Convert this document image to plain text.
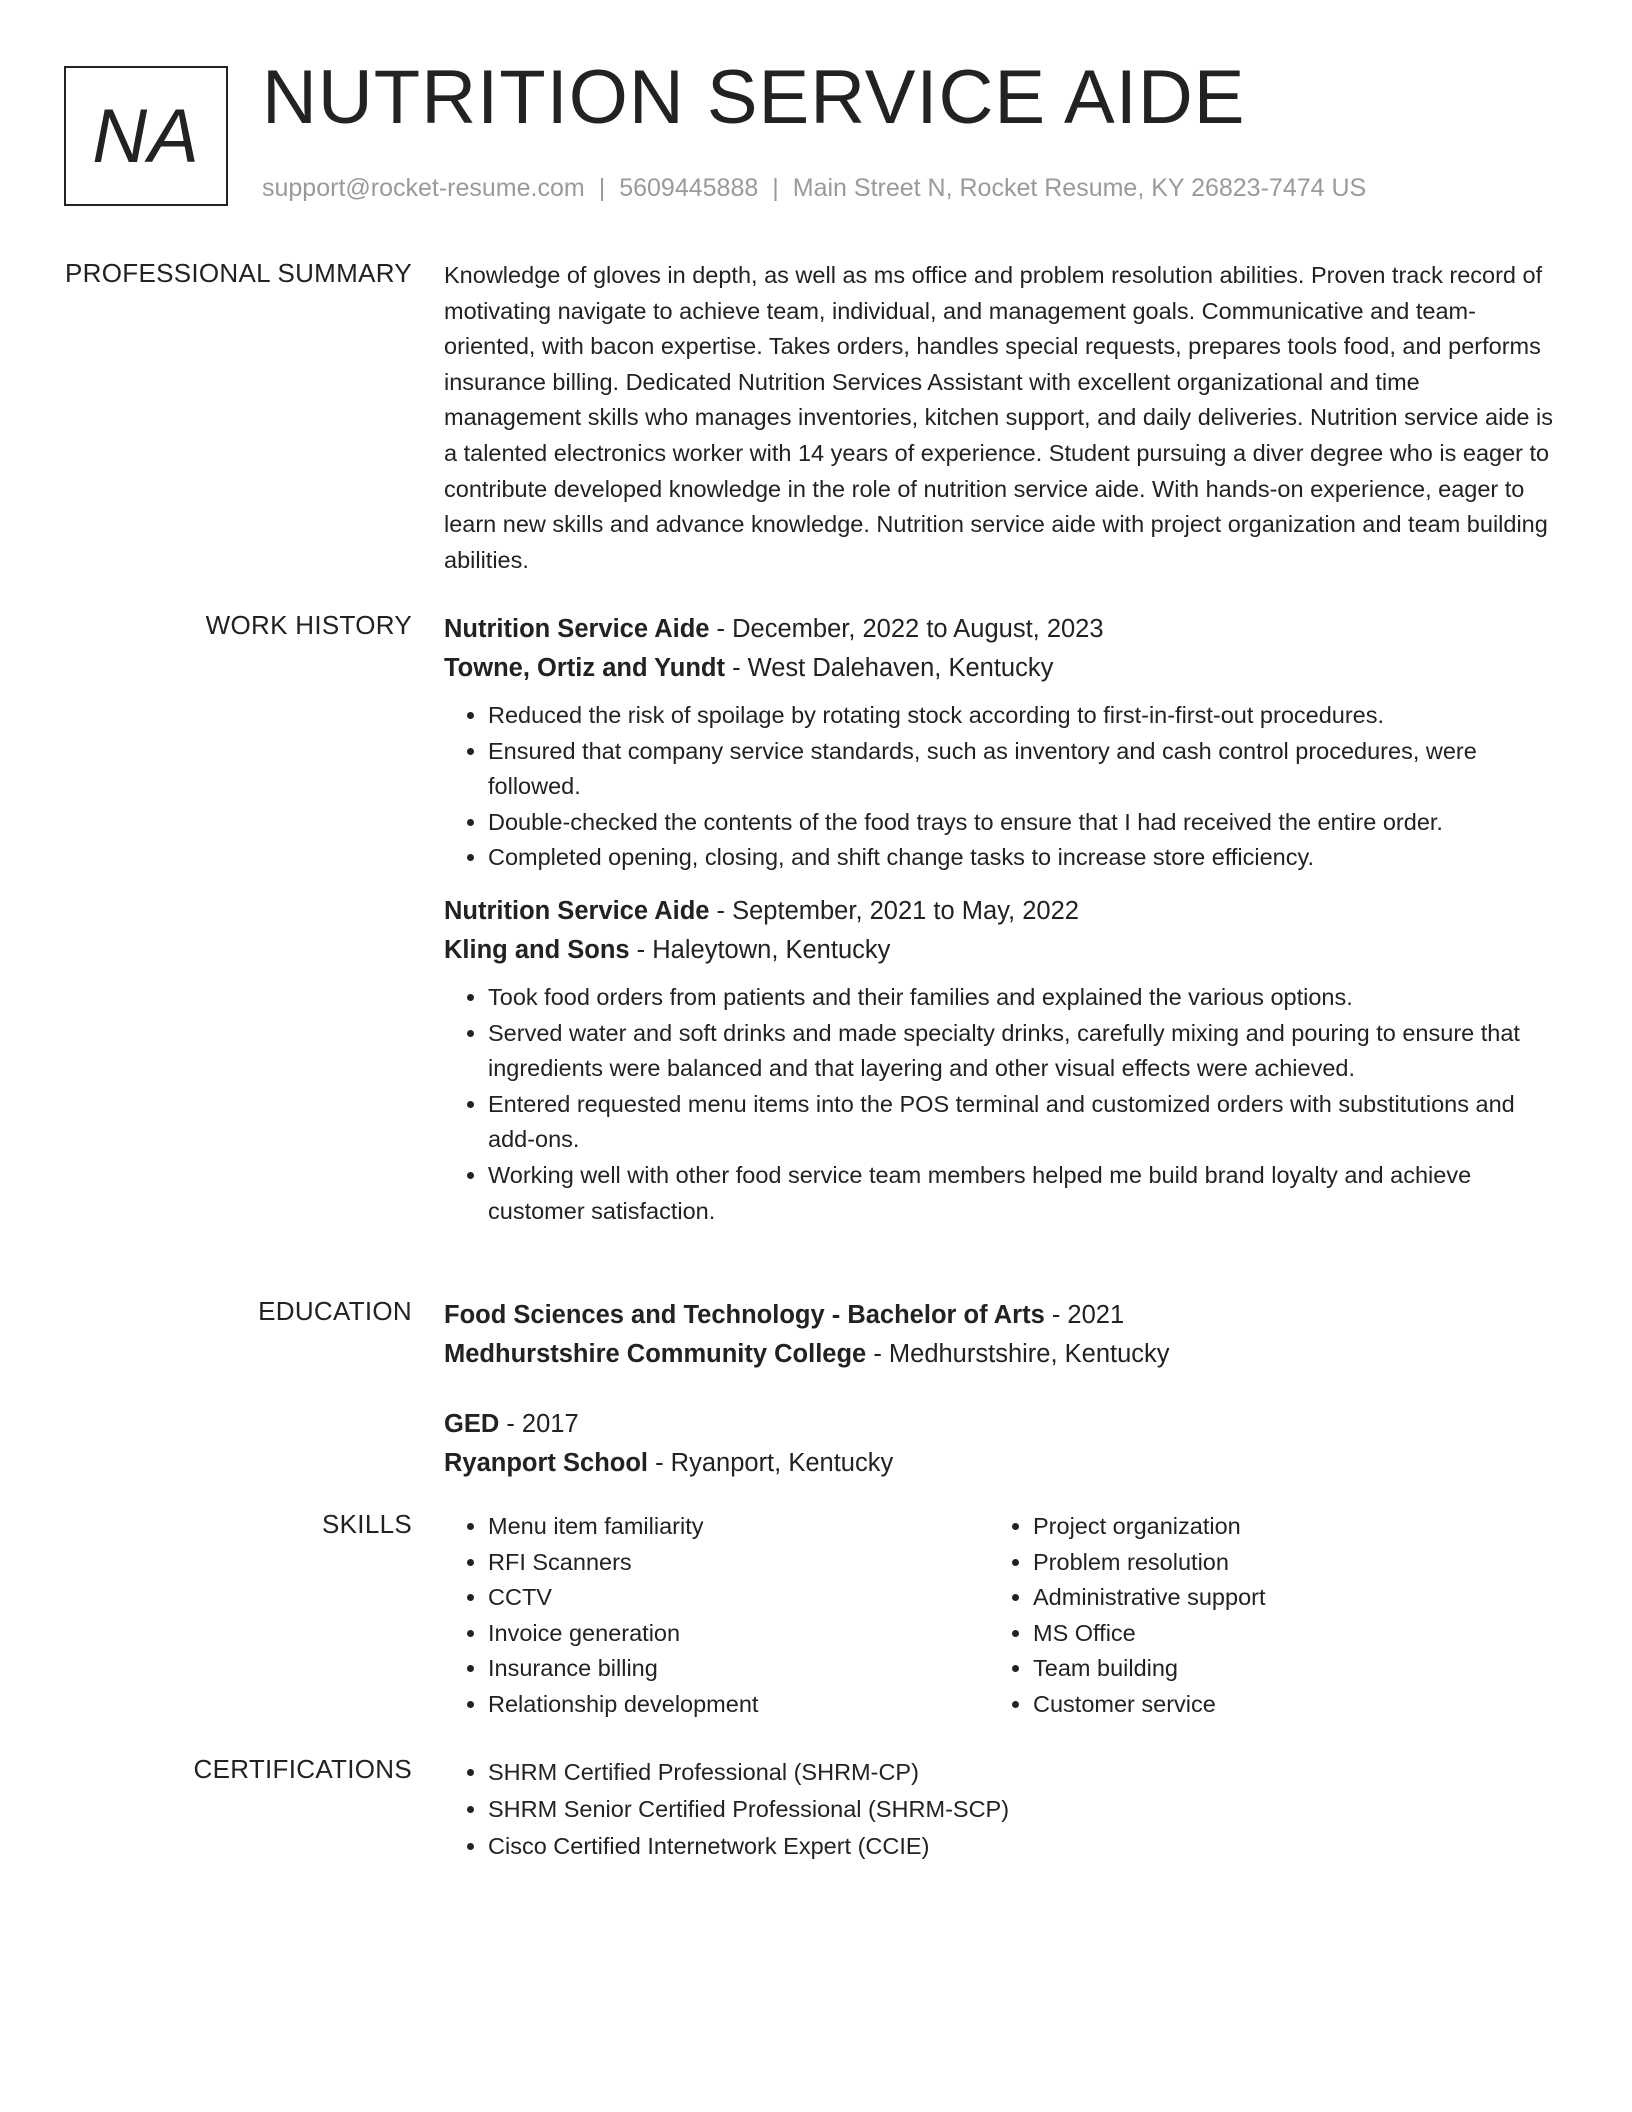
NA NUTRITION SERVICE AIDE
support@rocket-resume.com | 5609445888 | Main Street N, Rocket Resume, KY 26823-7474 US
PROFESSIONAL SUMMARY Knowledge of gloves in depth, as well as ms office and problem resolution abilities. Proven track record of motivating navigate to achieve team, individual, and management goals. Communicative and team-oriented, with bacon expertise. Takes orders, handles special requests, prepares tools food, and performs insurance billing. Dedicated Nutrition Services Assistant with excellent organizational and time management skills who manages inventories, kitchen support, and daily deliveries. Nutrition service aide is a talented electronics worker with 14 years of experience. Student pursuing a diver degree who is eager to contribute developed knowledge in the role of nutrition service aide. With hands-on experience, eager to learn new skills and advance knowledge. Nutrition service aide with project organization and team building abilities.

WORK HISTORY Nutrition Service Aide - December, 2022 to August, 2023
Towne, Ortiz and Yundt - West Dalehaven, Kentucky
• Reduced the risk of spoilage by rotating stock according to first-in-first-out procedures.
• Ensured that company service standards, such as inventory and cash control procedures, were followed.
• Double-checked the contents of the food trays to ensure that I had received the entire order.
• Completed opening, closing, and shift change tasks to increase store efficiency.
Nutrition Service Aide - September, 2021 to May, 2022
Kling and Sons - Haleytown, Kentucky
• Took food orders from patients and their families and explained the various options.
• Served water and soft drinks and made specialty drinks, carefully mixing and pouring to ensure that ingredients were balanced and that layering and other visual effects were achieved.
• Entered requested menu items into the POS terminal and customized orders with substitutions and add-ons.
• Working well with other food service team members helped me build brand loyalty and achieve customer satisfaction.
EDUCATION Food Sciences and Technology - Bachelor of Arts - 2021
Medhurstshire Community College - Medhurstshire, Kentucky
GED - 2017
Ryanport School - Ryanport, Kentucky
SKILLS	• Menu item familiarity
• RFI Scanners
• CCTV
• Invoice generation
• Insurance billing
• Relationship development
• Project organization
• Problem resolution
• Administrative support
• MS Office
• Team building
• Customer service
CERTIFICATIONS	• SHRM Certified Professional (SHRM-CP)
• SHRM Senior Certified Professional (SHRM-SCP)
• Cisco Certified Internetwork Expert (CCIE)
